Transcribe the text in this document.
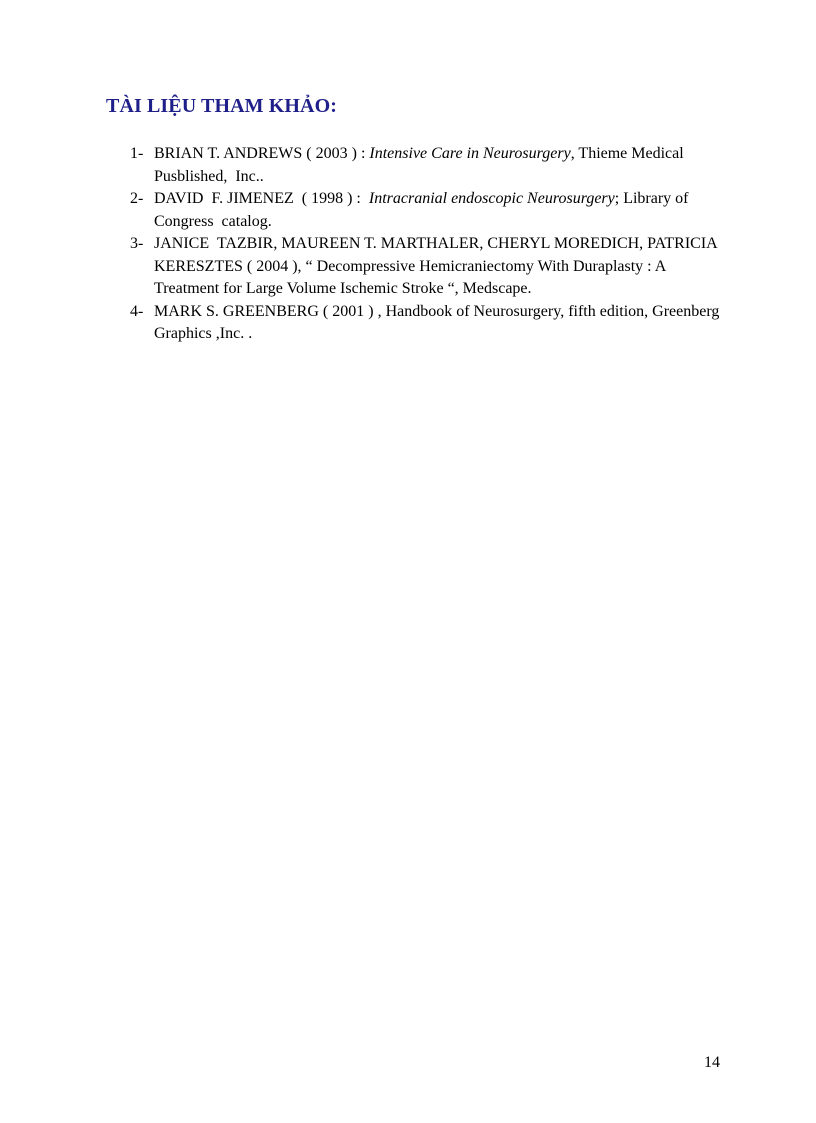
TÀI LIỆU THAM KHẢO:
1- BRIAN T. ANDREWS ( 2003 ) : Intensive Care in Neurosurgery, Thieme Medical Pusblished,  Inc..
2- DAVID  F. JIMENEZ  ( 1998 ) :  Intracranial endoscopic Neurosurgery; Library of Congress  catalog.
3- JANICE  TAZBIR, MAUREEN T. MARTHALER, CHERYL MOREDICH, PATRICIA KERESZTES ( 2004 ), “ Decompressive Hemicraniectomy With Duraplasty : A Treatment for Large Volume Ischemic Stroke “, Medscape.
4- MARK S. GREENBERG ( 2001 ) , Handbook of Neurosurgery, fifth edition, Greenberg Graphics ,Inc. .
14
